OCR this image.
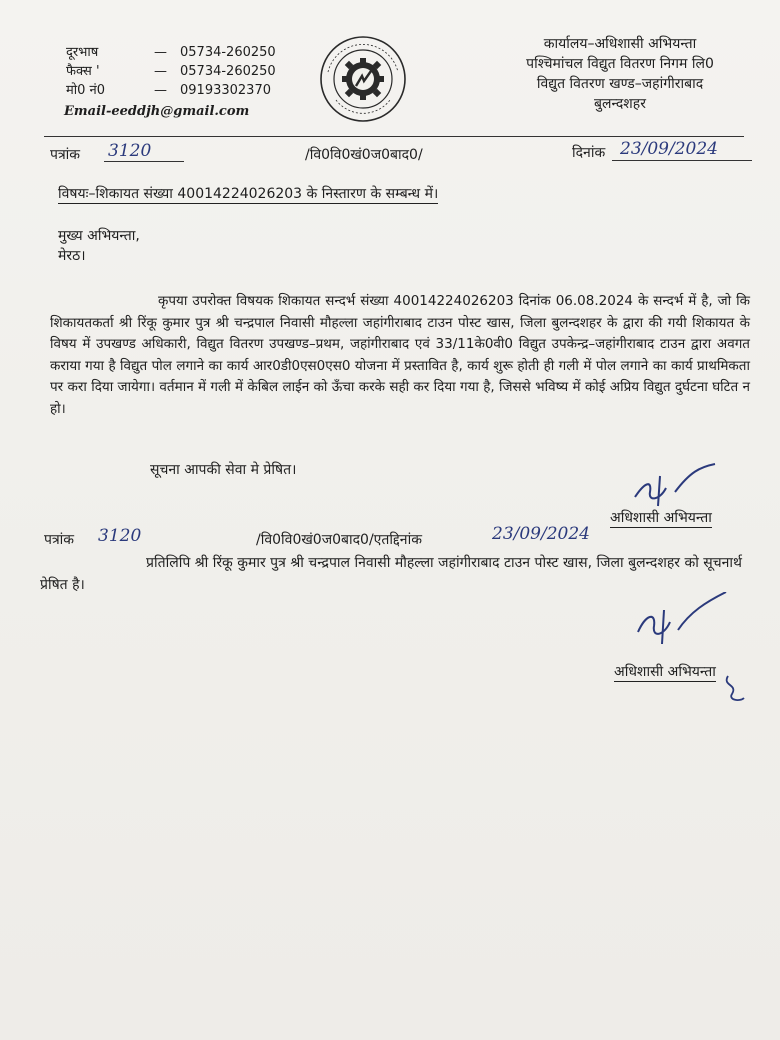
दूरभाष	— 05734-260250
फैक्स '	— 05734-260250
मो0 नं0	— 09193302370
Email-eeddjh@gmail.com
कार्यालय–अधिशासी अभियन्ता
पश्चिमांचल विद्युत वितरण निगम लि0
विद्युत वितरण खण्ड–जहांगीराबाद
बुलन्दशहर
पत्रांक 3120	/वि0वि0खं0ज0बाद0/	दिनांक 23/09/2024
विषयः–शिकायत संख्या 40014224026203 के निस्तारण के सम्बन्ध में।
मुख्य अभियन्ता,
मेरठ।
कृपया उपरोक्त विषयक शिकायत सन्दर्भ संख्या 40014224026203 दिनांक 06.08.2024 के सन्दर्भ में है, जो कि शिकायतकर्ता श्री रिंकू कुमार पुत्र श्री चन्द्रपाल निवासी मौहल्ला जहांगीराबाद टाउन पोस्ट खास, जिला बुलन्दशहर के द्वारा की गयी शिकायत के विषय में उपखण्ड अधिकारी, विद्युत वितरण उपखण्ड–प्रथम, जहांगीराबाद एवं 33/11के0वी0 विद्युत उपकेन्द्र–जहांगीराबाद टाउन द्वारा अवगत कराया गया है विद्युत पोल लगाने का कार्य आर0डी0एस0एस0 योजना में प्रस्तावित है, कार्य शुरू होती ही गली में पोल लगाने का कार्य प्राथमिकता पर करा दिया जायेगा। वर्तमान में गली में केबिल लाईन को ऊँचा करके सही कर दिया गया है, जिससे भविष्य में कोई अप्रिय विद्युत दुर्घटना घटित न हो।
सूचना आपकी सेवा मे प्रेषित।
अधिशासी अभियन्ता
पत्रांक 3120	/वि0वि0खं0ज0बाद0/एतद्दिनांक	23/09/2024
प्रतिलिपि श्री रिंकू कुमार पुत्र श्री चन्द्रपाल निवासी मौहल्ला जहांगीराबाद टाउन पोस्ट खास, जिला बुलन्दशहर को सूचनार्थ प्रेषित है।
अधिशासी अभियन्ता
